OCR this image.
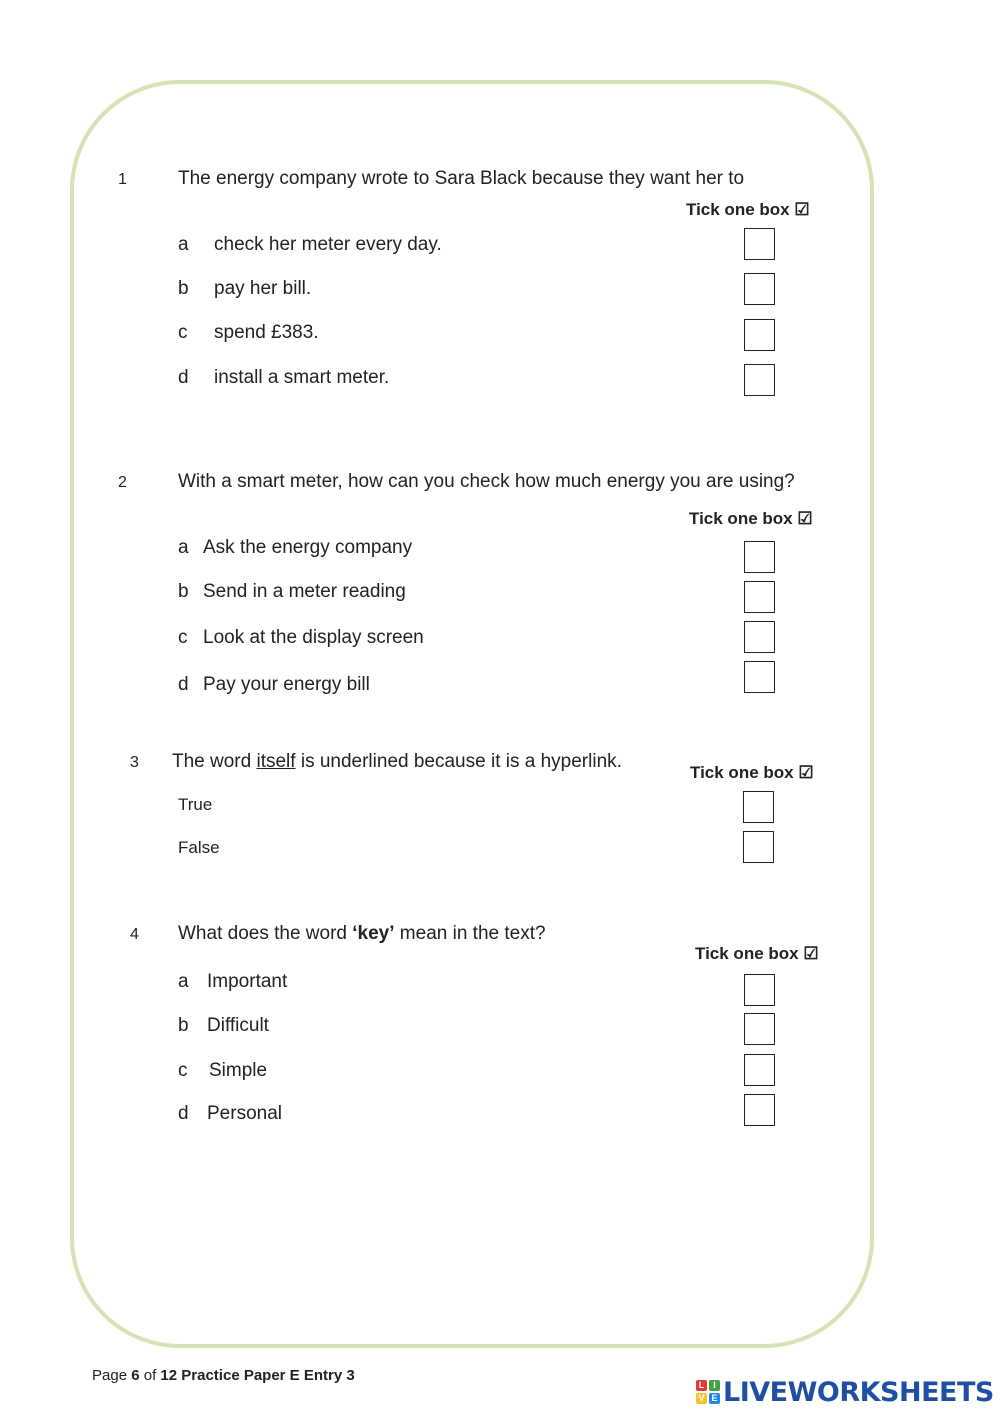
1	The energy company wrote to Sara Black because they want her to
Tick one box ☑
a check her meter every day.
b pay her bill.
c spend £383.
d install a smart meter.
2	With a smart meter, how can you check how much energy you are using?
Tick one box ☑
a Ask the energy company
b Send in a meter reading
c Look at the display screen
d Pay your energy bill
3 The word itself is underlined because it is a hyperlink.
Tick one box ☑
True
False
4 What does the word ‘key’ mean in the text?
Tick one box ☑
a Important
b Difficult
c Simple
d Personal
Page 6 of 12 Practice Paper E Entry 3
L I
V E LIVEWORKSHEETS
